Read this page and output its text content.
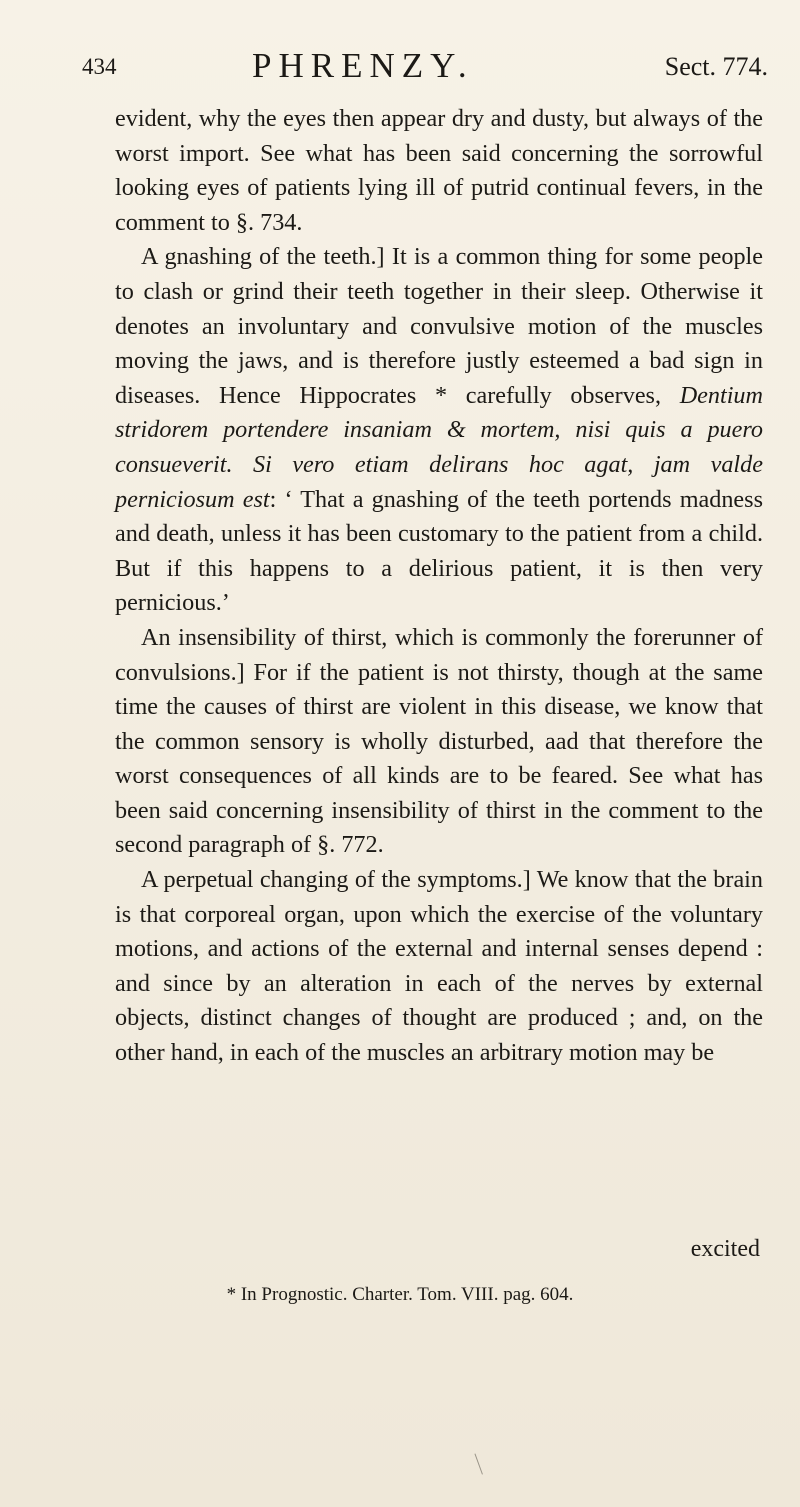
434	PHRENZY.	Sect. 774.

evident, why the eyes then appear dry and dusty, but always of the worst import. See what has been said concerning the sorrowful looking eyes of patients lying ill of putrid continual fevers, in the comment to §. 734.

A gnashing of the teeth.] It is a common thing for some people to clash or grind their teeth together in their sleep. Otherwise it denotes an involuntary and convulsive motion of the muscles moving the jaws, and is therefore justly esteemed a bad sign in diseases. Hence Hippocrates * carefully observes, Dentium stridorem portendere insaniam & mortem, nisi quis a puero consueverit. Si vero etiam delirans hoc agat, jam valde perniciosum est: ‘ That a gnashing of the teeth portends madness and death, unless it has been customary to the patient from a child. But if this happens to a delirious patient, it is then very pernicious.’

An insensibility of thirst, which is commonly the forerunner of convulsions.] For if the patient is not thirsty, though at the same time the causes of thirst are violent in this disease, we know that the common sensory is wholly disturbed, aad that therefore the worst consequences of all kinds are to be feared. See what has been said concerning insensibility of thirst in the comment to the second paragraph of §. 772.

A perpetual changing of the symptoms.] We know that the brain is that corporeal organ, upon which the exercise of the voluntary motions, and actions of the external and internal senses depend : and since by an alteration in each of the nerves by external objects, distinct changes of thought are produced ; and, on the other hand, in each of the muscles an arbitrary motion may be

excited
* In Prognostic. Charter. Tom. VIII. pag. 604.
